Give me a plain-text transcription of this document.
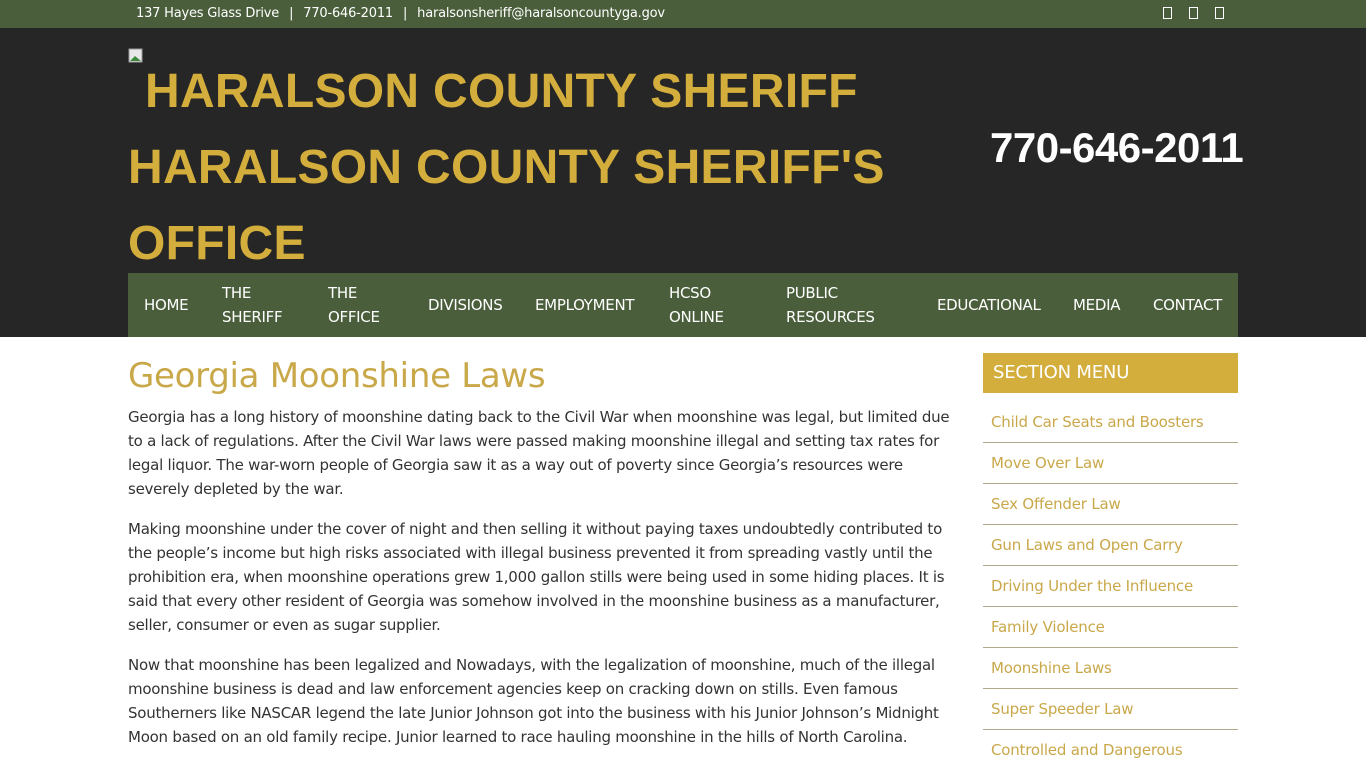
137 Hayes Glass Drive | 770-646-2011 | haralsonsheriff@haralsoncountyga.gov
HARALSON COUNTY SHERIFF
HARALSON COUNTY SHERIFF'S
OFFICE
770-646-2011
HOME
THE SHERIFF
THE OFFICE
DIVISIONS	EMPLOYMENT
HCSO ONLINE
PUBLIC RESOURCES
EDUCATIONAL	MEDIA	CONTACT
Georgia Moonshine Laws

Georgia has a long history of moonshine dating back to the Civil War when moonshine was legal, but limited due to a lack of regulations. After the Civil War laws were passed making moonshine illegal and setting tax rates for legal liquor. The war-worn people of Georgia saw it as a way out of poverty since Georgia’s resources were severely depleted by the war.

Making moonshine under the cover of night and then selling it without paying taxes undoubtedly contributed to the people’s income but high risks associated with illegal business prevented it from spreading vastly until the prohibition era, when moonshine operations grew 1,000 gallon stills were being used in some hiding places. It is said that every other resident of Georgia was somehow involved in the moonshine business as a manufacturer, seller, consumer or even as sugar supplier.

Now that moonshine has been legalized and Nowadays, with the legalization of moonshine, much of the illegal moonshine business is dead and law enforcement agencies keep on cracking down on stills. Even famous Southerners like NASCAR legend the late Junior Johnson got into the business with his Junior Johnson’s Midnight Moon based on an old family recipe. Junior learned to race hauling moonshine in the hills of North Carolina.

SECTION MENU
Child Car Seats and Boosters
Move Over Law
Sex Offender Law
Gun Laws and Open Carry
Driving Under the Influence
Family Violence
Moonshine Laws
Super Speeder Law
Controlled and Dangerous
